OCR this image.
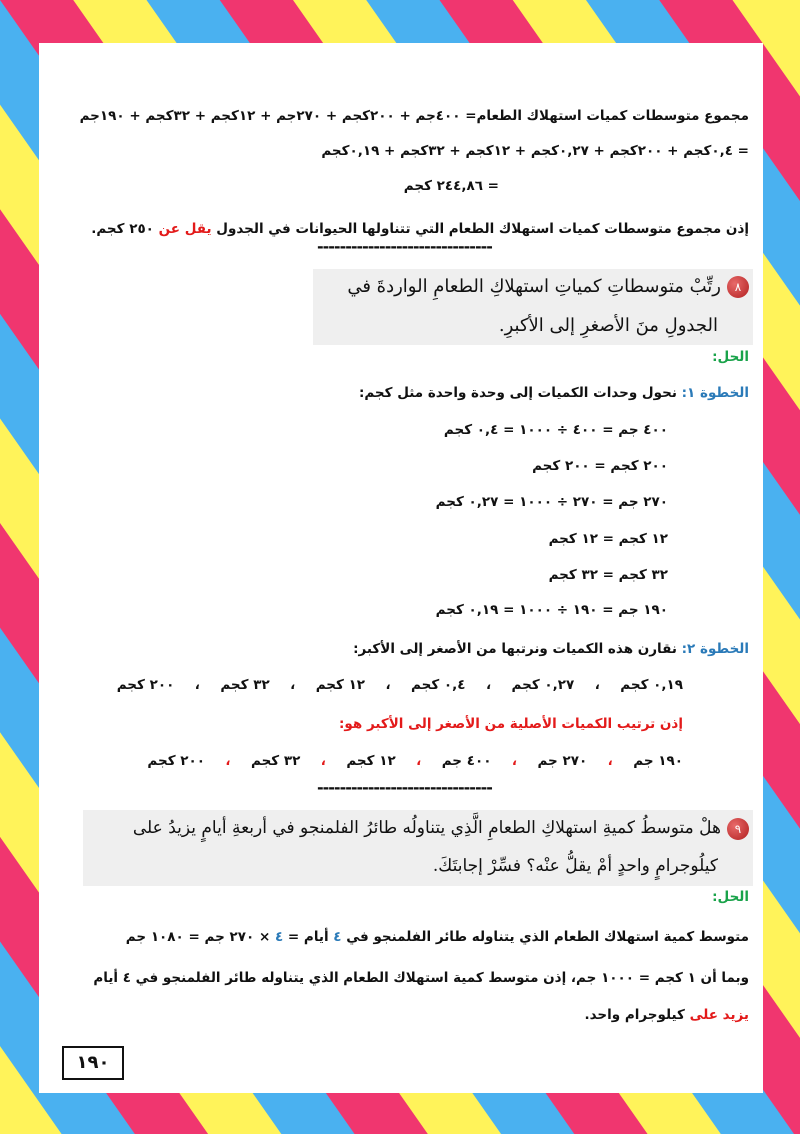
مجموع متوسطات كميات استهلاك الطعام= ٤٠٠جم + ٢٠٠كجم + ٢٧٠جم + ١٢كجم + ٣٢كجم + ١٩٠جم
= ٠,٤كجم + ٢٠٠كجم + ٠,٢٧كجم + ١٢كجم + ٣٢كجم + ٠,١٩كجم
= ٢٤٤,٨٦ كجم
إذن مجموع متوسطات كميات استهلاك الطعام التي تتناولها الحيوانات في الجدول يقل عن ٢٥٠ كجم.
-------------------------------
٨رتِّبْ متوسطاتِ كمياتِ استهلاكِ الطعامِ الواردةَ في
الجدولِ منَ الأصغرِ إلى الأكبرِ.
الحل:
الخطوة ١: نحول وحدات الكميات إلى وحدة واحدة مثل كجم:
٤٠٠ جم = ٤٠٠ ÷ ١٠٠٠ = ٠,٤ كجم
٢٠٠ كجم = ٢٠٠ كجم
٢٧٠ جم = ٢٧٠ ÷ ١٠٠٠ = ٠,٢٧ كجم
١٢ كجم = ١٢ كجم
٣٢ كجم = ٣٢ كجم
١٩٠ جم = ١٩٠ ÷ ١٠٠٠ = ٠,١٩ كجم
الخطوة ٢: نقارن هذه الكميات ونرتبها من الأصغر إلى الأكبر:
٠,١٩ كجم،٠,٢٧ كجم،٠,٤ كجم،١٢ كجم،٣٢ كجم،٢٠٠ كجم
إذن ترتيب الكميات الأصلية من الأصغر إلى الأكبر هو:
١٩٠ جم،٢٧٠ جم،٤٠٠ جم،١٢ كجم،٣٢ كجم،٢٠٠ كجم
-------------------------------
٩هلْ متوسطُ كميةِ استهلاكِ الطعامِ الَّذِي يتناولُه طائرُ الفلمنجو في أربعةِ أيامٍ يزيدُ على
كيلُوجرامٍ واحدٍ أمْ يقلُّ عنْه؟ فسِّرْ إجابتَكَ.
الحل:
متوسط كمية استهلاك الطعام الذي يتناوله طائر الفلمنجو في ٤ أيام = ٤ × ٢٧٠ جم = ١٠٨٠ جم
وبما أن ١ كجم = ١٠٠٠ جم، إذن متوسط كمية استهلاك الطعام الذي يتناوله طائر الفلمنجو في ٤ أيام
يزيد على كيلوجرام واحد.
١٩٠
